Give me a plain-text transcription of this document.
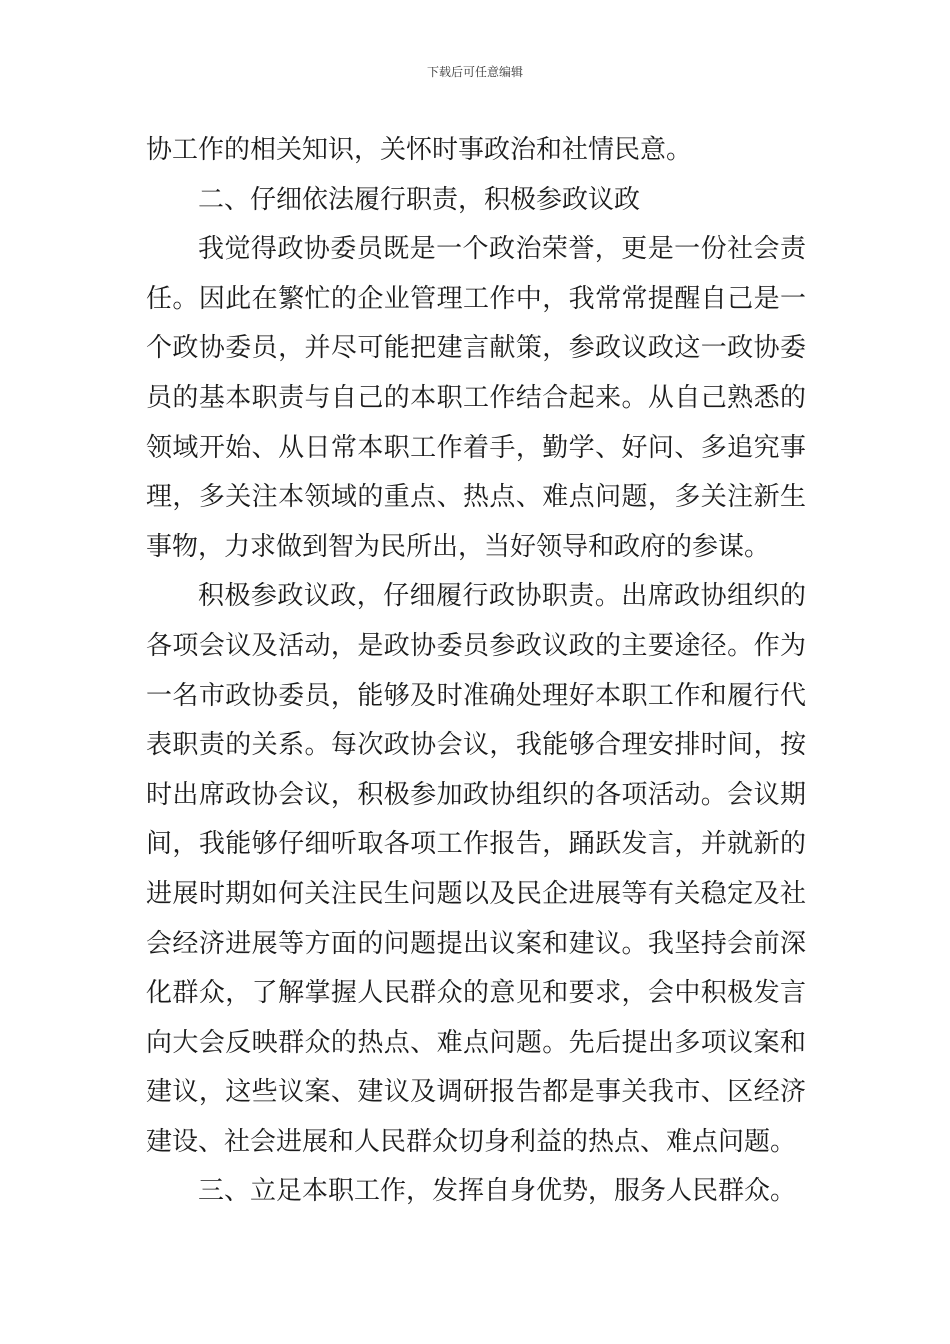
下载后可任意编辑
协工作的相关知识，关怀时事政治和社情民意。
二、仔细依法履行职责，积极参政议政
我觉得政协委员既是一个政治荣誉，更是一份社会责
任。因此在繁忙的企业管理工作中，我常常提醒自己是一
个政协委员，并尽可能把建言献策，参政议政这一政协委
员的基本职责与自己的本职工作结合起来。从自己熟悉的
领域开始、从日常本职工作着手，勤学、好问、多追究事
理，多关注本领域的重点、热点、难点问题，多关注新生
事物，力求做到智为民所出，当好领导和政府的参谋。
积极参政议政，仔细履行政协职责。出席政协组织的
各项会议及活动，是政协委员参政议政的主要途径。作为
一名市政协委员，能够及时准确处理好本职工作和履行代
表职责的关系。每次政协会议，我能够合理安排时间，按
时出席政协会议，积极参加政协组织的各项活动。会议期
间，我能够仔细听取各项工作报告，踊跃发言，并就新的
进展时期如何关注民生问题以及民企进展等有关稳定及社
会经济进展等方面的问题提出议案和建议。我坚持会前深
化群众，了解掌握人民群众的意见和要求，会中积极发言
向大会反映群众的热点、难点问题。先后提出多项议案和
建议，这些议案、建议及调研报告都是事关我市、区经济
建设、社会进展和人民群众切身利益的热点、难点问题。
三、立足本职工作，发挥自身优势，服务人民群众。
